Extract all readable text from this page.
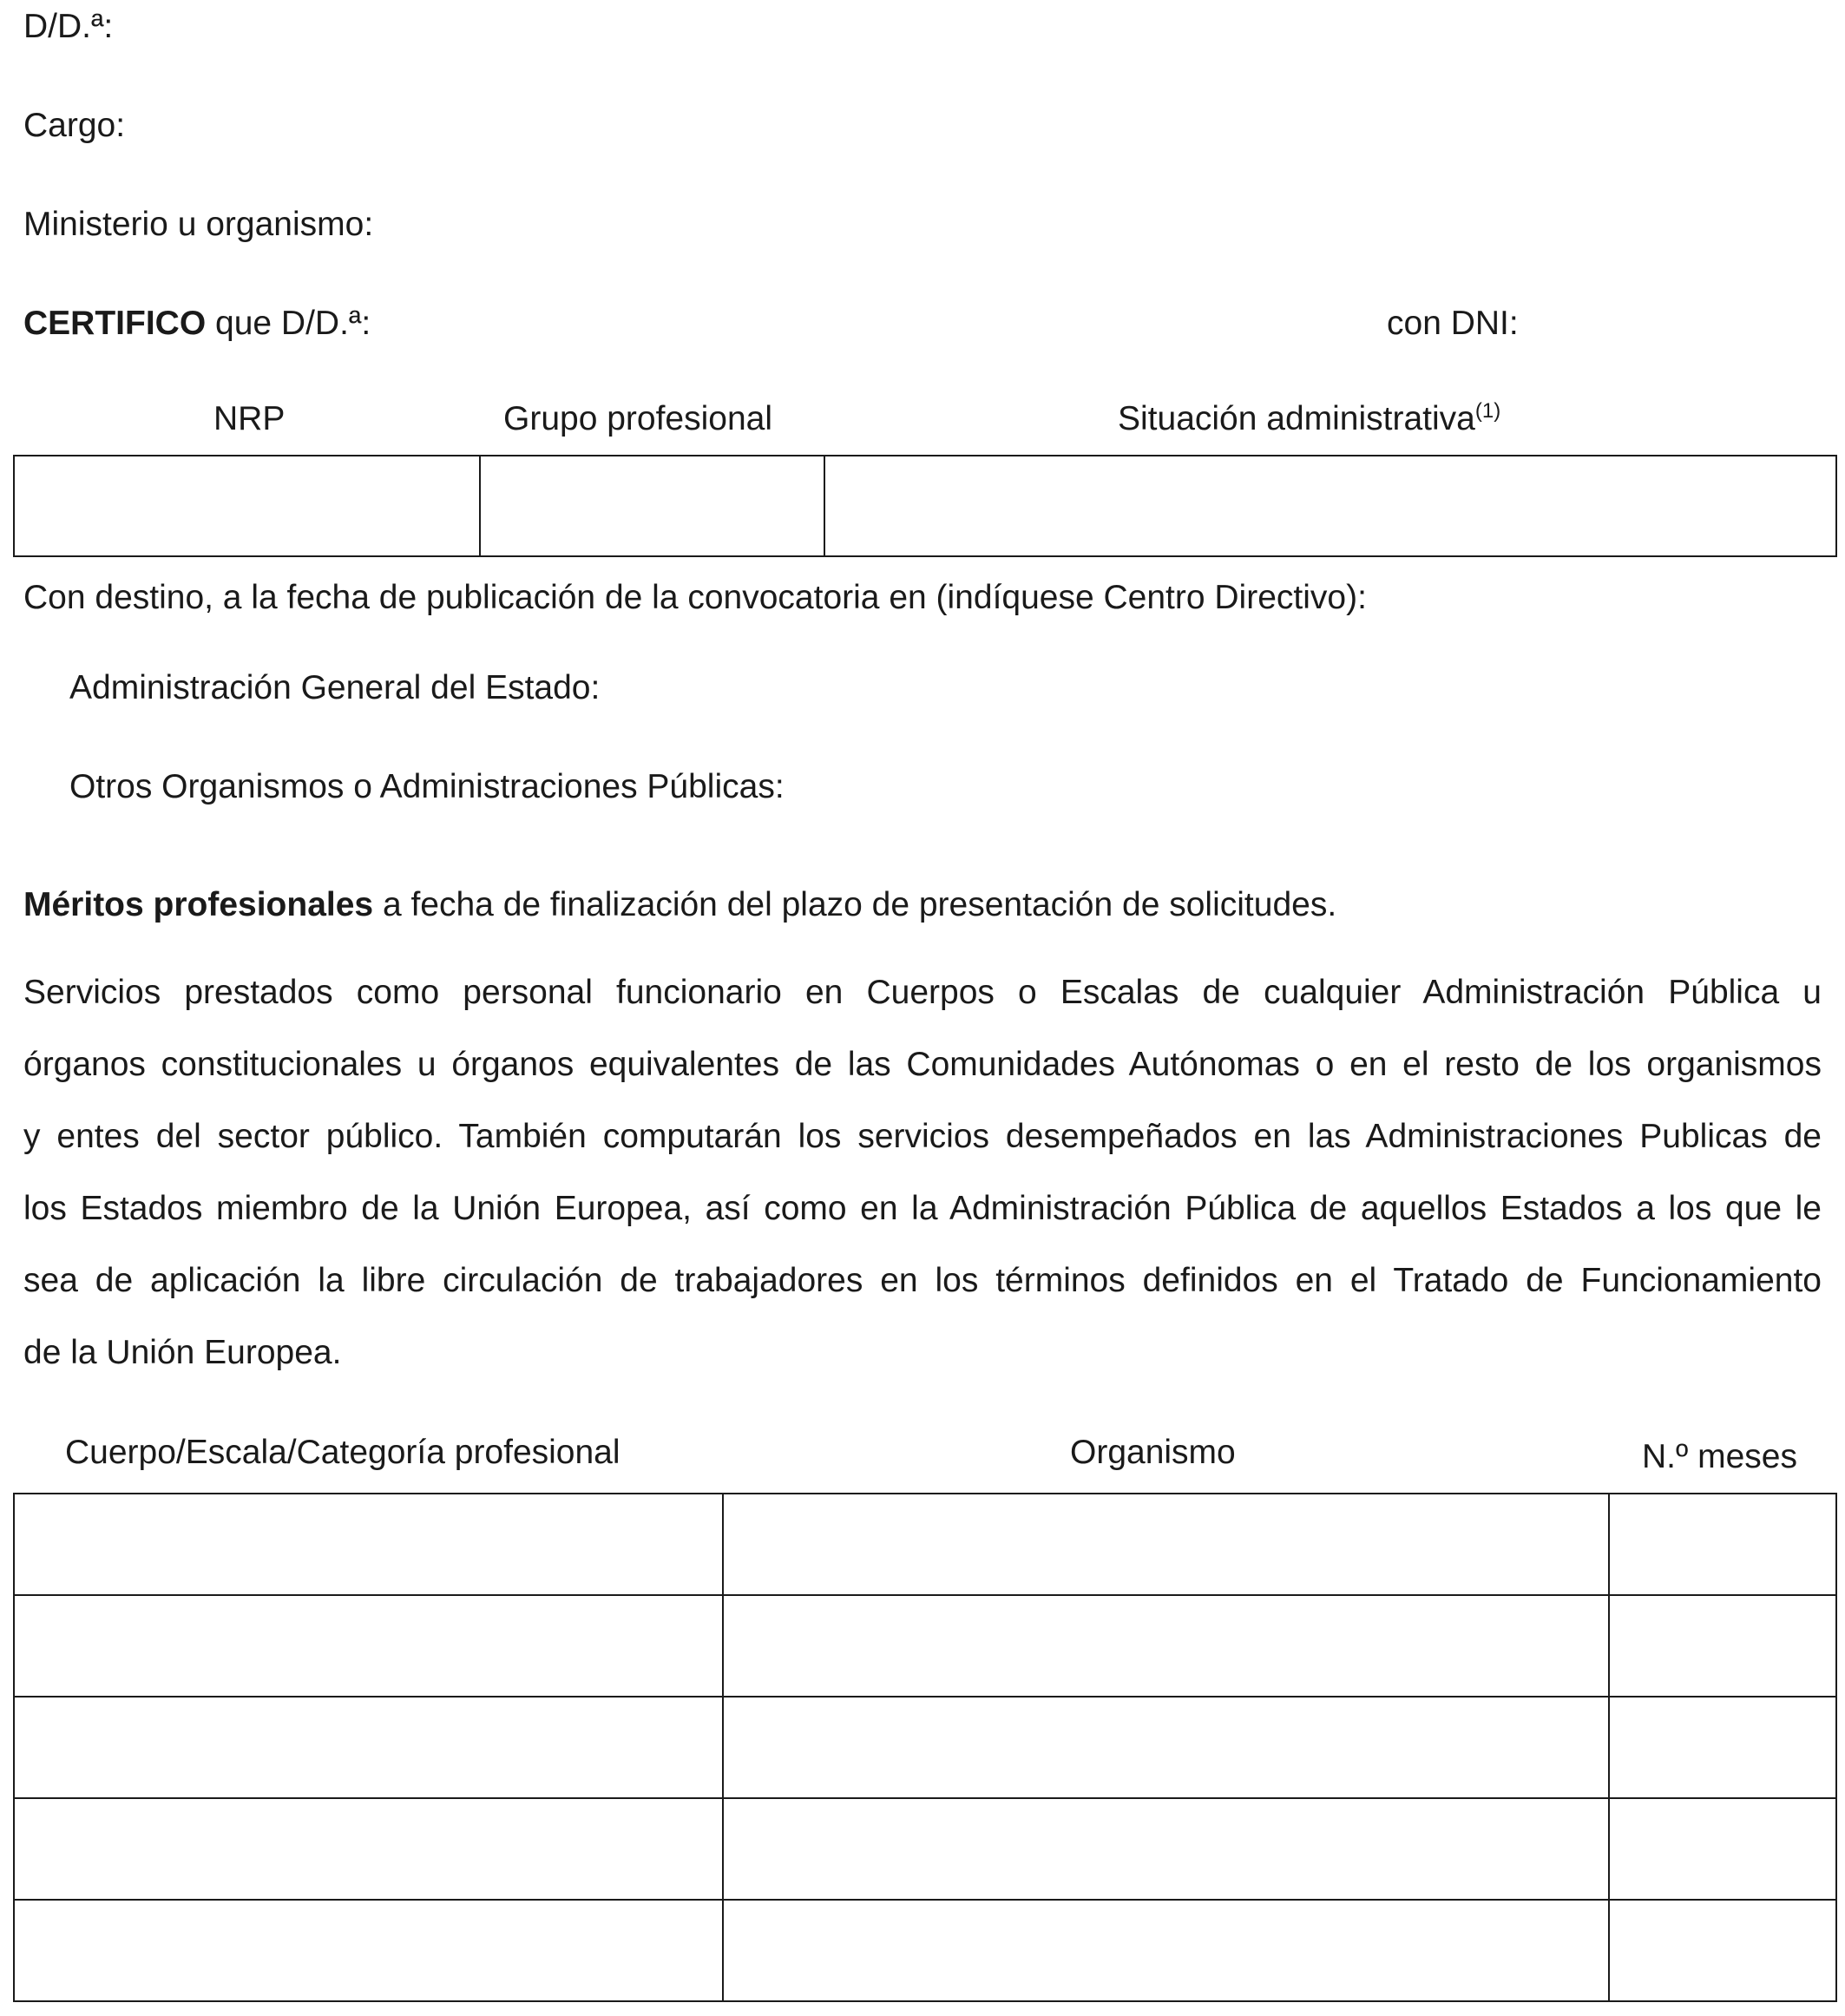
D/D.ª:
Cargo:
Ministerio u organismo:
CERTIFICO que D/D.ª:	con DNI:
NRP	Grupo profesional	Situación administrativa$^{(1)}$

Con destino, a la fecha de publicación de la convocatoria en (indíquese Centro Directivo):
Administración General del Estado:
Otros Organismos o Administraciones Públicas:
Méritos profesionales a fecha de finalización del plazo de presentación de solicitudes.
Servicios prestados como personal funcionario en Cuerpos o Escalas de cualquier Administración Pública u
órganos constitucionales u órganos equivalentes de las Comunidades Autónomas o en el resto de los organismos
y entes del sector público. También computarán los servicios desempeñados en las Administraciones Publicas de
los Estados miembro de la Unión Europea, así como en la Administración Pública de aquellos Estados a los que le
sea de aplicación la libre circulación de trabajadores en los términos definidos en el Tratado de Funcionamiento
de la Unión Europea.
Cuerpo/Escala/Categoría profesional	Organismo	N.º meses
